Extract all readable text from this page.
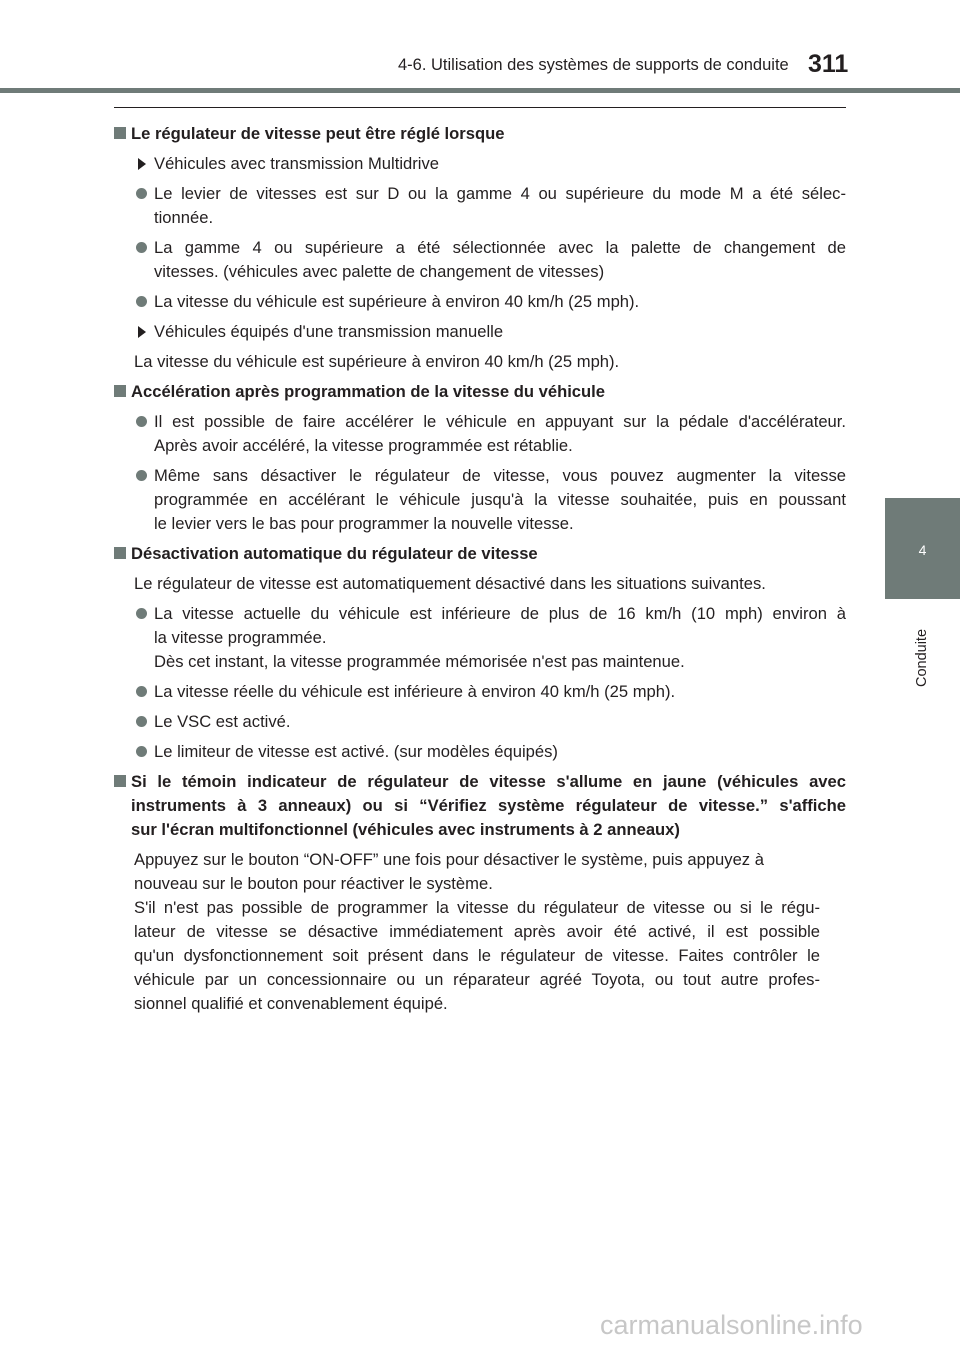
4-6. Utilisation des systèmes de supports de conduite 311
4
Conduite
Le régulateur de vitesse peut être réglé lorsque
Véhicules avec transmission Multidrive
Le levier de vitesses est sur D ou la gamme 4 ou supérieure du mode M a été sélec-
tionnée.
La gamme 4 ou supérieure a été sélectionnée avec la palette de changement de
vitesses. (véhicules avec palette de changement de vitesses)
La vitesse du véhicule est supérieure à environ 40 km/h (25 mph).
Véhicules équipés d'une transmission manuelle
La vitesse du véhicule est supérieure à environ 40 km/h (25 mph).
Accélération après programmation de la vitesse du véhicule
Il est possible de faire accélérer le véhicule en appuyant sur la pédale d'accélérateur.
Après avoir accéléré, la vitesse programmée est rétablie.
Même sans désactiver le régulateur de vitesse, vous pouvez augmenter la vitesse
programmée en accélérant le véhicule jusqu'à la vitesse souhaitée, puis en poussant
le levier vers le bas pour programmer la nouvelle vitesse.
Désactivation automatique du régulateur de vitesse
Le régulateur de vitesse est automatiquement désactivé dans les situations suivantes.
La vitesse actuelle du véhicule est inférieure de plus de 16 km/h (10 mph) environ à
la vitesse programmée.
Dès cet instant, la vitesse programmée mémorisée n'est pas maintenue.
La vitesse réelle du véhicule est inférieure à environ 40 km/h (25 mph).
Le VSC est activé.
Le limiteur de vitesse est activé. (sur modèles équipés)
Si le témoin indicateur de régulateur de vitesse s'allume en jaune (véhicules avec
instruments à 3 anneaux) ou si “Vérifiez système régulateur de vitesse.” s'affiche
sur l'écran multifonctionnel (véhicules avec instruments à 2 anneaux)
Appuyez sur le bouton “ON-OFF” une fois pour désactiver le système, puis appuyez à
nouveau sur le bouton pour réactiver le système.
S'il n'est pas possible de programmer la vitesse du régulateur de vitesse ou si le régu-
lateur de vitesse se désactive immédiatement après avoir été activé, il est possible
qu'un dysfonctionnement soit présent dans le régulateur de vitesse. Faites contrôler le
véhicule par un concessionnaire ou un réparateur agréé Toyota, ou tout autre profes-
sionnel qualifié et convenablement équipé.
carmanualsonline.info
